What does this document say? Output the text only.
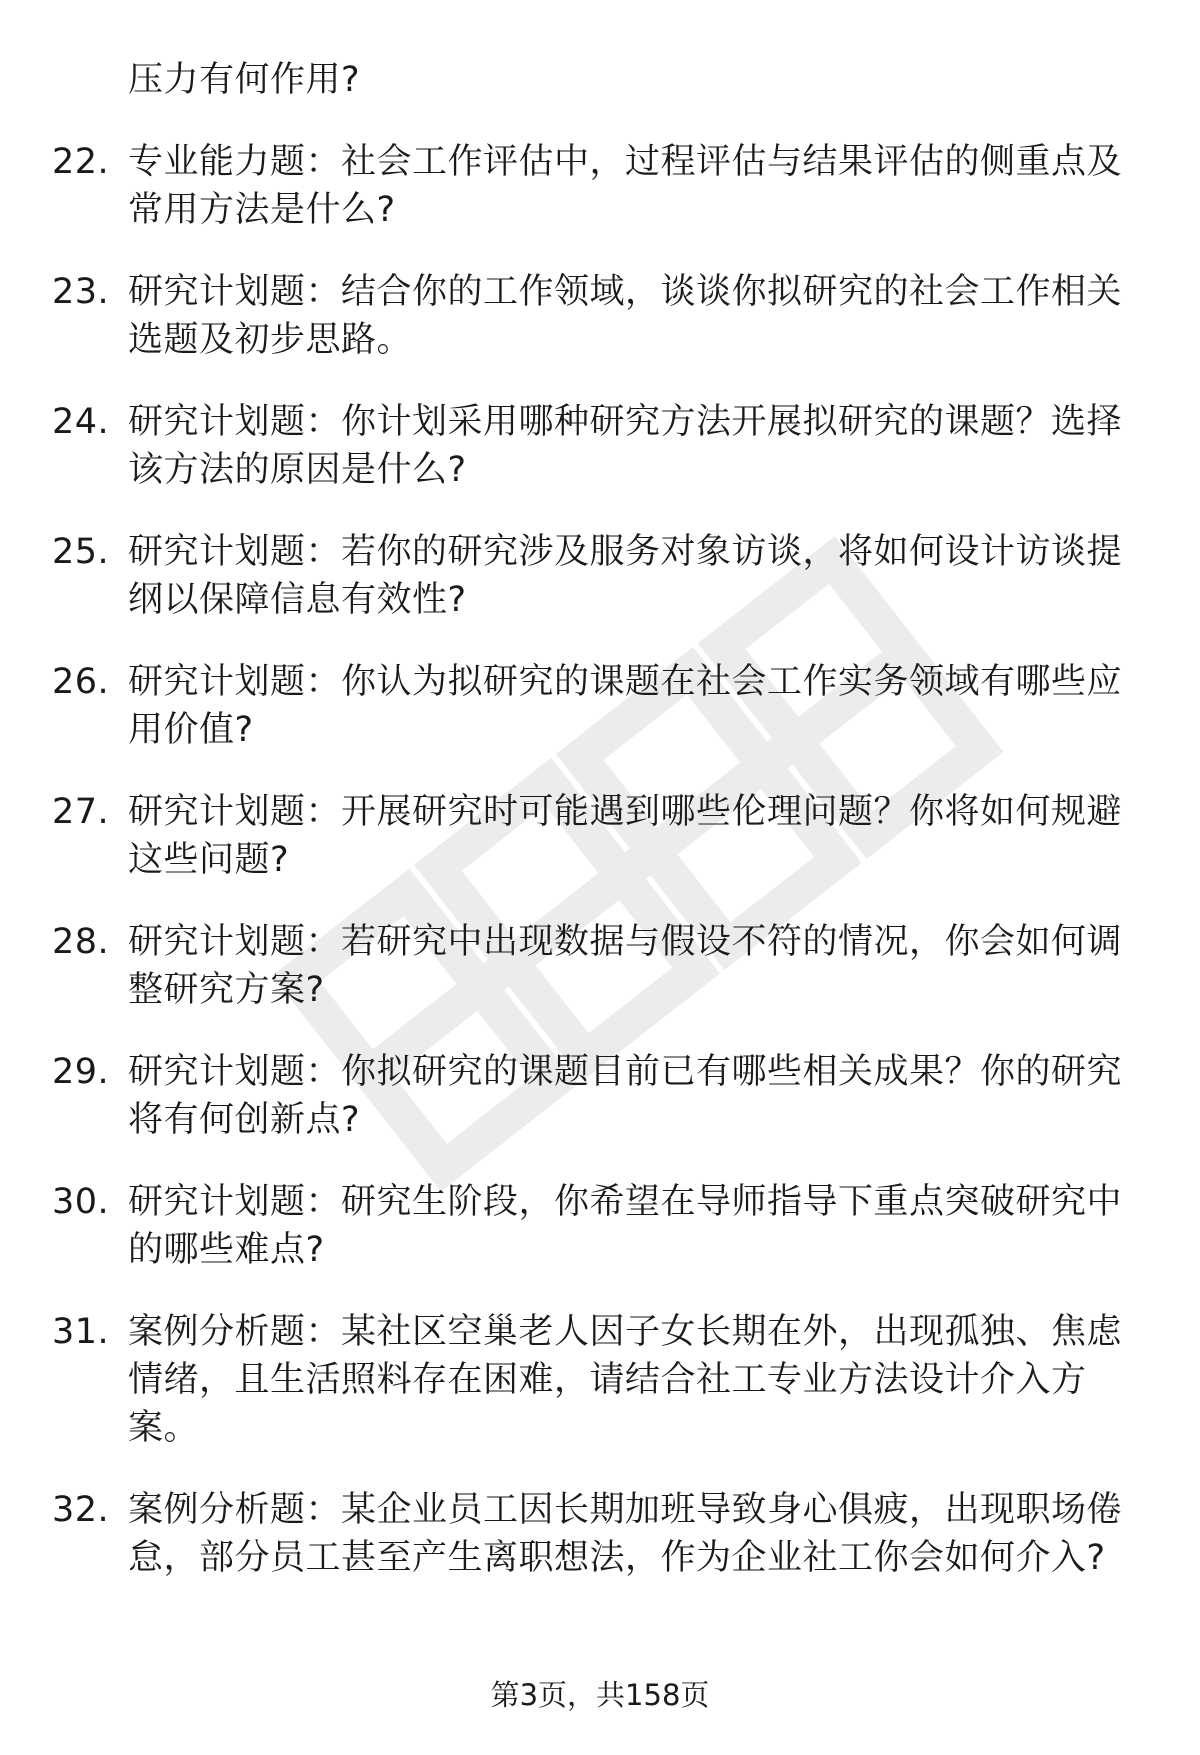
压力有何作用?
22. 专业能力题：社会工作评估中，过程评估与结果评估的侧重点及常用方法是什么?
23. 研究计划题：结合你的工作领域，谈谈你拟研究的社会工作相关选题及初步思路。
24. 研究计划题：你计划采用哪种研究方法开展拟研究的课题？选择该方法的原因是什么?
25. 研究计划题：若你的研究涉及服务对象访谈，将如何设计访谈提纲以保障信息有效性?
26. 研究计划题：你认为拟研究的课题在社会工作实务领域有哪些应用价值?
27. 研究计划题：开展研究时可能遇到哪些伦理问题？你将如何规避这些问题?
28. 研究计划题：若研究中出现数据与假设不符的情况，你会如何调整研究方案?
29. 研究计划题：你拟研究的课题目前已有哪些相关成果？你的研究将有何创新点?
30. 研究计划题：研究生阶段，你希望在导师指导下重点突破研究中的哪些难点?
31. 案例分析题：某社区空巢老人因子女长期在外，出现孤独、焦虑情绪，且生活照料存在困难，请结合社工专业方法设计介入方案。
32. 案例分析题：某企业员工因长期加班导致身心俱疲，出现职场倦怠，部分员工甚至产生离职想法，作为企业社工你会如何介入?
第3页，共158页
